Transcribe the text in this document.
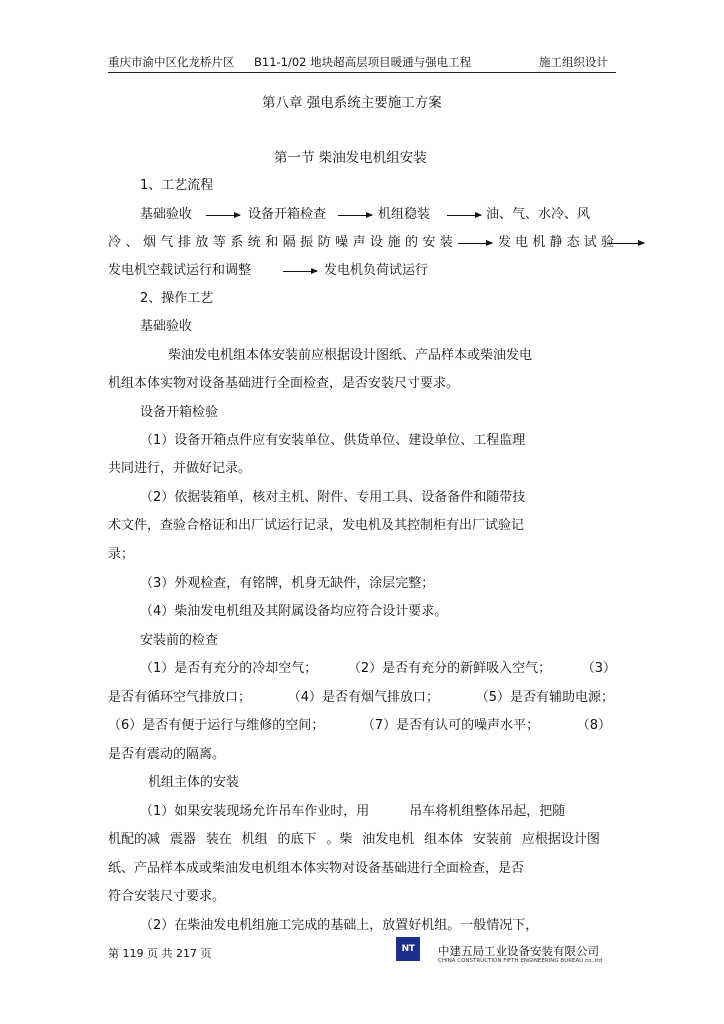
重庆市渝中区化龙桥片区 B11-1/02 地块超高层项目暖通与强电工程	施工组织设计
第八章 强电系统主要施工方案
第一节 柴油发电机组安装
1、工艺流程
基础验收	设备开箱检查	机组稳装	油、气、水冷、风
冷 、 烟 气 排 放 等 系 统 和 隔 振 防 噪 声 设 施 的 安 装	发 电 机 静 态 试 验
发电机空载试运行和调整	发电机负荷试运行
2、操作工艺
基础验收
柴油发电机组本体安装前应根据设计图纸、产品样本或柴油发电
机组本体实物对设备基础进行全面检查，是否安装尺寸要求。
设备开箱检验
（1）设备开箱点件应有安装单位、供货单位、建设单位、工程监理
共同进行，并做好记录。
（2）依据装箱单，核对主机、附件、专用工具、设备备件和随带技
术文件，查验合格证和出厂试运行记录，发电机及其控制柜有出厂试验记
录；
（3）外观检查，有铭牌，机身无缺件，涂层完整；
（4）柴油发电机组及其附属设备均应符合设计要求。
安装前的检查
（1）是否有充分的冷却空气； （2）是否有充分的新鲜吸入空气； （3）
是否有循环空气排放口；	（4）是否有烟气排放口；	（5）是否有辅助电源；
（6）是否有便于运行与维修的空间；	（7）是否有认可的噪声水平；	（8）
是否有震动的隔离。
机组主体的安装
（1）如果安装现场允许吊车作业时，用	吊车将机组整体吊起，把随
机配的减 震器 装在 机组 的底下 。柴 油发电机 组本体 安装前 应根据设计图
纸、产品样本成或柴油发电机组本体实物对设备基础进行全面检查，是否
符合安装尺寸要求。
（2）在柴油发电机组施工完成的基础上，放置好机组。一般情况下，
第 119 页 共 217 页	NT 中建五局工业设备安装有限公司
CHINA CONSTRUCTION FIFTH ENGINEERING BUREAU co.,ltd
